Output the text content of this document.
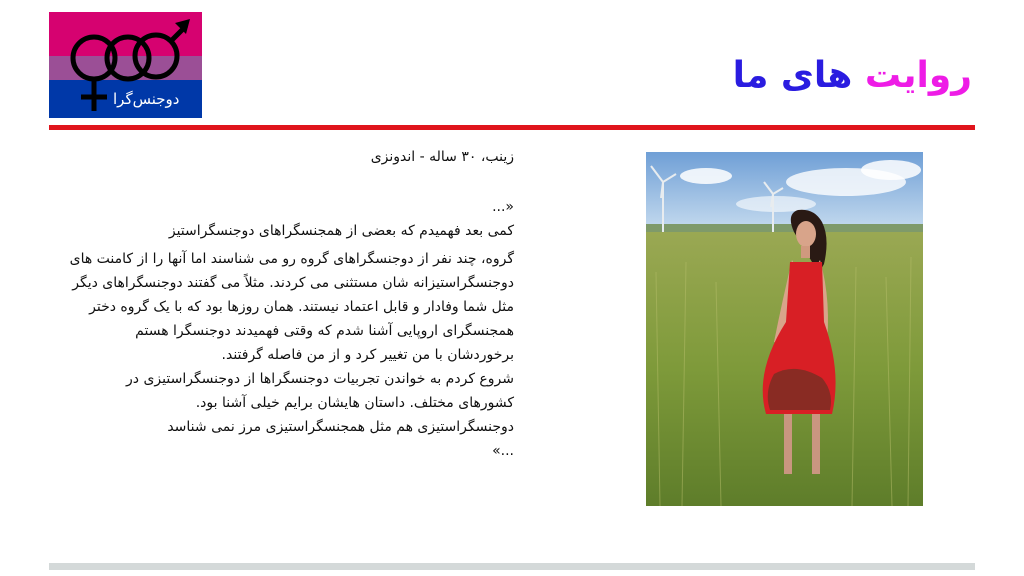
دوجنس‌گرا
روایت های ما

زینب، ۳۰ ساله - اندونزی

«...

کمی بعد فهمیدم که بعضی از همجنسگراهای دوجنسگراستیز

گروه، چند نفر از دوجنسگراهای گروه رو می شناسند اما آنها را از کامنت های دوجنسگراستیزانه شان مستثنی می کردند. مثلاً می گفتند دوجنسگراهای دیگر مثل شما وفادار و قابل اعتماد نیستند. همان روزها بود که با یک گروه دختر همجنسگرای اروپایی آشنا شدم که وقتی فهمیدند دوجنسگرا هستم برخوردشان با من تغییر کرد و از من فاصله گرفتند.

شروع کردم به خواندن تجربیات دوجنسگراها از دوجنسگراستیزی در کشورهای مختلف. داستان هایشان برایم خیلی آشنا بود.

دوجنسگراستیزی هم مثل همجنسگراستیزی مرز نمی شناسد

...»
